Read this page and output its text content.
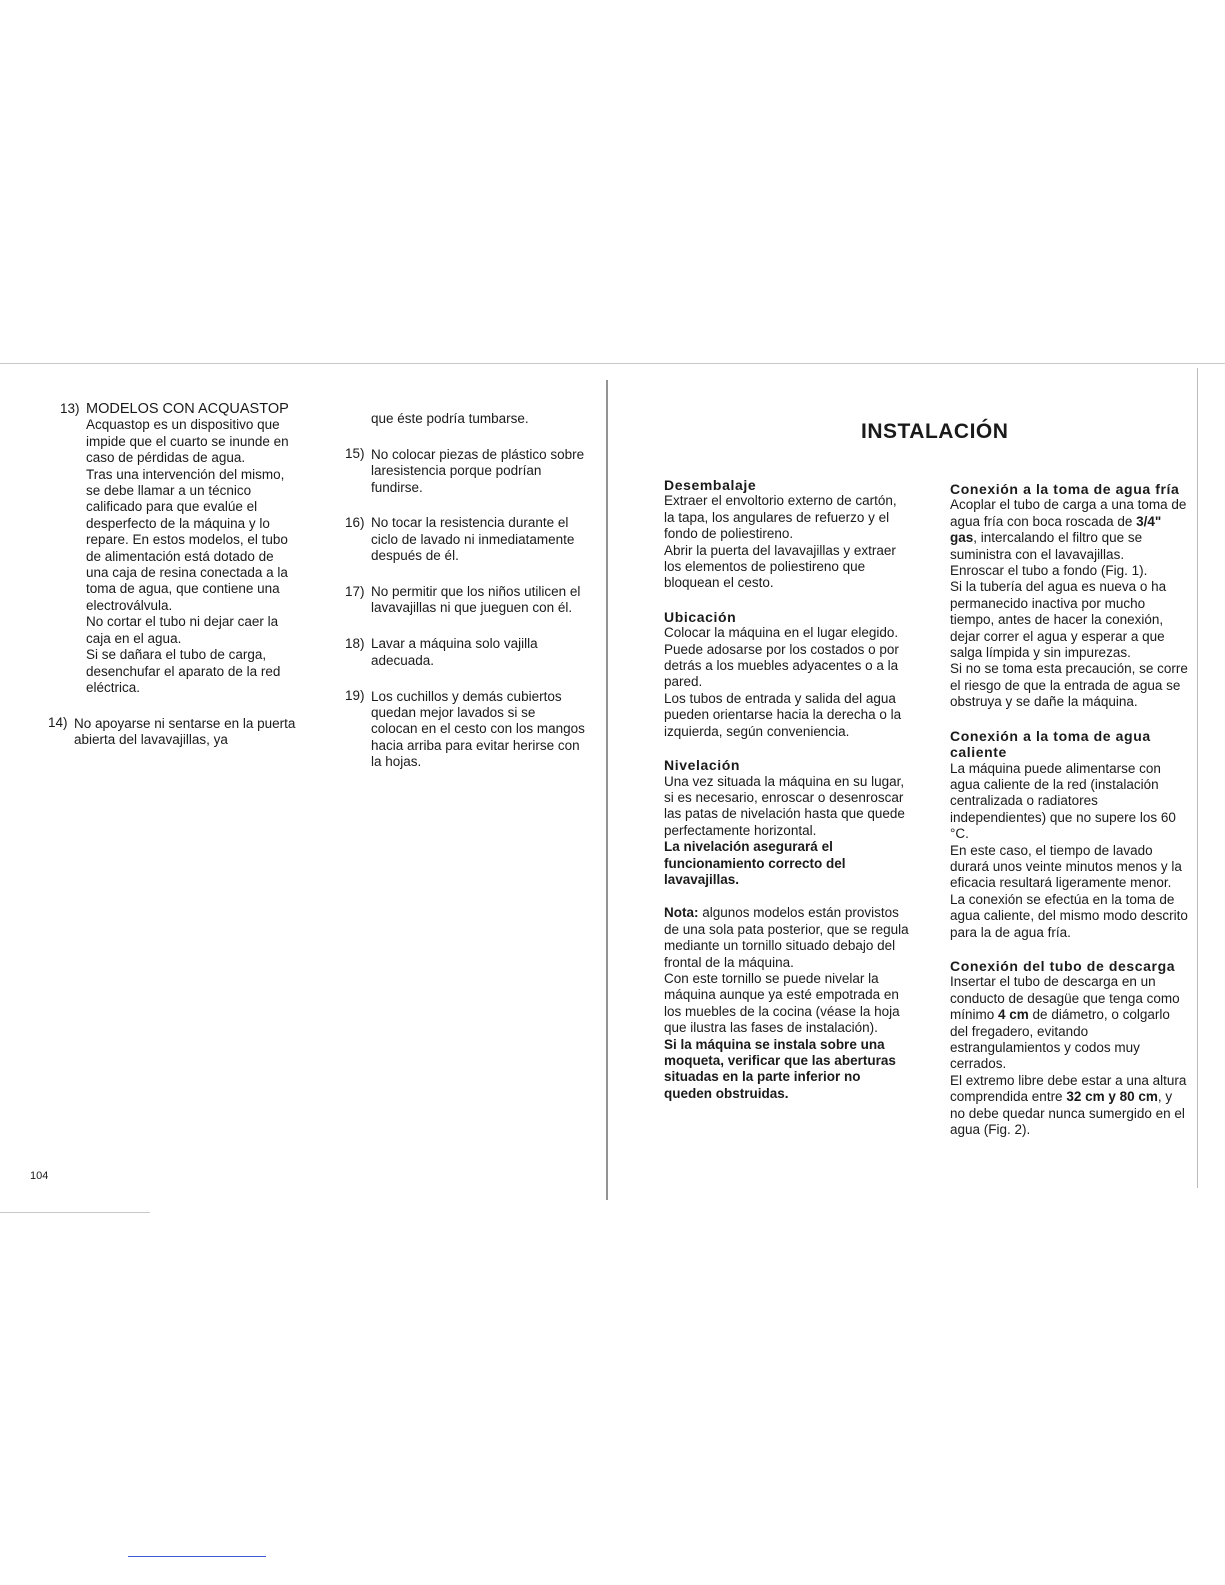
13) MODELOS CON ACQUASTOP
Acquastop es un dispositivo que impide que el cuarto se inunde en caso de pérdidas de agua.
Tras una intervención del mismo, se debe llamar a un técnico calificado para que evalúe el desperfecto de la máquina y lo repare. En estos modelos, el tubo de alimentación está dotado de una caja de resina conectada a la toma de agua, que contiene una electroválvula.
No cortar el tubo ni dejar caer la caja en el agua.
Si se dañara el tubo de carga, desenchufar el aparato de la red eléctrica.
14) No apoyarse ni sentarse en la puerta abierta del lavavajillas, ya
que éste podría tumbarse.
15) No colocar piezas de plástico sobre laresistencia porque podrían fundirse.
16) No tocar la resistencia durante el ciclo de lavado ni inmediatamente después de él.
17) No permitir que los niños utilicen el lavavajillas ni que jueguen con él.
18) Lavar a máquina solo vajilla adecuada.
19) Los cuchillos y demás cubiertos quedan mejor lavados si se colocan en el cesto con los mangos hacia arriba para evitar herirse con la hojas.
104
INSTALACIÓN
Desembalaje
Extraer el envoltorio externo de cartón, la tapa, los angulares de refuerzo y el fondo de poliestireno.
Abrir la puerta del lavavajillas y extraer los elementos de poliestireno que bloquean el cesto.
Ubicación
Colocar la máquina en el lugar elegido. Puede adosarse por los costados o por detrás a los muebles adyacentes o a la pared.
Los tubos de entrada y salida del agua pueden orientarse hacia la derecha o la izquierda, según conveniencia.
Nivelación
Una vez situada la máquina en su lugar, si es necesario, enroscar o desenroscar las patas de nivelación hasta que quede perfectamente horizontal.
La nivelación asegurará el funcionamiento correcto del lavavajillas.
Nota: algunos modelos están provistos de una sola pata posterior, que se regula mediante un tornillo situado debajo del frontal de la máquina.
Con este tornillo se puede nivelar la máquina aunque ya esté empotrada en los muebles de la cocina (véase la hoja que ilustra las fases de instalación).
Si la máquina se instala sobre una moqueta, verificar que las aberturas situadas en la parte inferior no queden obstruidas.
Conexión a la toma de agua fría
Acoplar el tubo de carga a una toma de agua fría con boca roscada de 3/4" gas, intercalando el filtro que se suministra con el lavavajillas.
Enroscar el tubo a fondo (Fig. 1).
Si la tubería del agua es nueva o ha permanecido inactiva por mucho tiempo, antes de hacer la conexión, dejar correr el agua y esperar a que salga límpida y sin impurezas.
Si no se toma esta precaución, se corre el riesgo de que la entrada de agua se obstruya y se dañe la máquina.
Conexión a la toma de agua caliente
La máquina puede alimentarse con agua caliente de la red (instalación centralizada o radiatores independientes) que no supere los 60 °C.
En este caso, el tiempo de lavado durará unos veinte minutos menos y la eficacia resultará ligeramente menor.
La conexión se efectúa en la toma de agua caliente, del mismo modo descrito para la de agua fría.
Conexión del tubo de descarga
Insertar el tubo de descarga en un conducto de desagüe que tenga como mínimo 4 cm de diámetro, o colgarlo del fregadero, evitando estrangulamientos y codos muy cerrados.
El extremo libre debe estar a una altura comprendida entre 32 cm y 80 cm, y no debe quedar nunca sumergido en el agua (Fig. 2).
